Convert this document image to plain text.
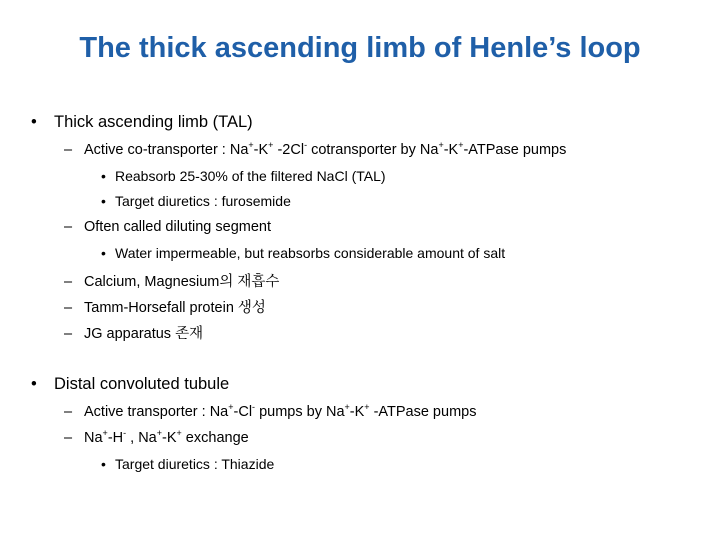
The thick ascending limb of Henle’s loop
• Thick ascending limb (TAL)
– Active co-transporter : Na+-K+ -2Cl- cotransporter by Na+-K+-ATPase pumps
• Reabsorb 25-30% of the filtered NaCl (TAL)
• Target diuretics : furosemide
– Often called diluting segment
• Water impermeable, but reabsorbs considerable amount of salt
– Calcium, Magnesium의 재흡수
– Tamm-Horsefall protein 생성
– JG apparatus 존재
• Distal convoluted tubule
– Active transporter : Na+-Cl- pumps by Na+-K+ -ATPase pumps
– Na+-H- , Na+-K+ exchange
• Target diuretics : Thiazide
